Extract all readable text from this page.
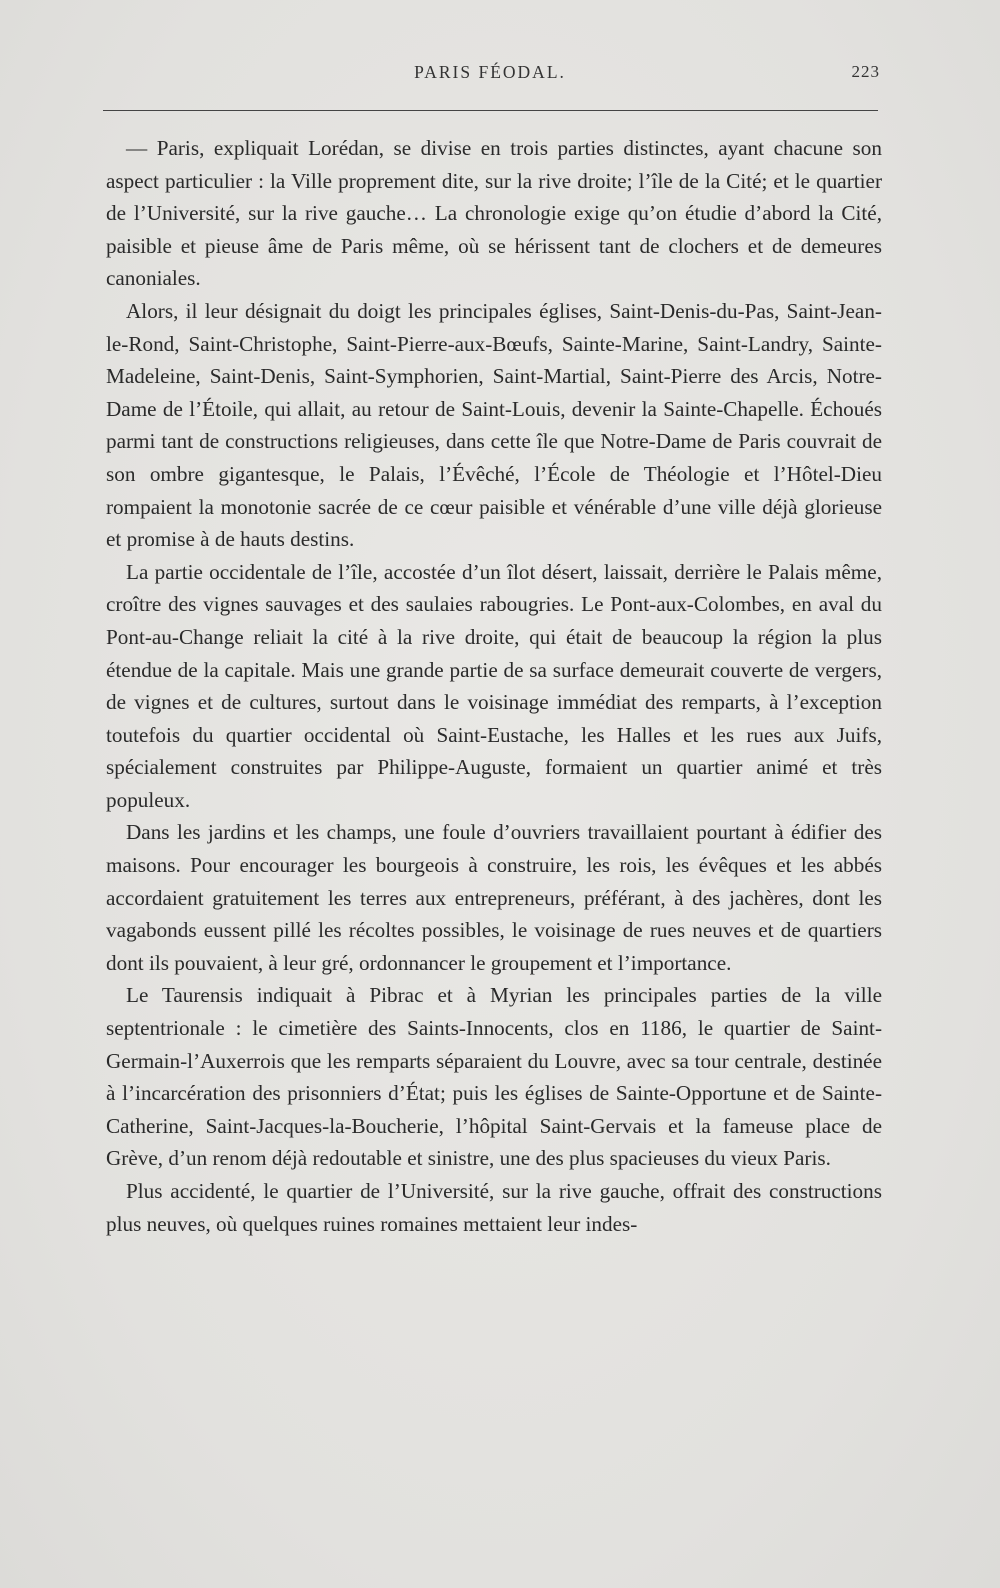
PARIS FÉODAL.	223

— Paris, expliquait Lorédan, se divise en trois parties distinctes, ayant chacune son aspect particulier : la Ville proprement dite, sur la rive droite; l’île de la Cité; et le quartier de l’Université, sur la rive gauche… La chronologie exige qu’on étudie d’abord la Cité, paisible et pieuse âme de Paris même, où se hérissent tant de clochers et de demeures canoniales.

Alors, il leur désignait du doigt les principales églises, Saint-Denis-du-Pas, Saint-Jean-le-Rond, Saint-Christophe, Saint-Pierre-aux-Bœufs, Sainte-Marine, Saint-Landry, Sainte-Madeleine, Saint-Denis, Saint-Symphorien, Saint-Martial, Saint-Pierre des Arcis, Notre-Dame de l’Étoile, qui allait, au retour de Saint-Louis, devenir la Sainte-Chapelle. Échoués parmi tant de constructions religieuses, dans cette île que Notre-Dame de Paris couvrait de son ombre gigantesque, le Palais, l’Évêché, l’École de Théologie et l’Hôtel-Dieu rompaient la monotonie sacrée de ce cœur paisible et vénérable d’une ville déjà glorieuse et promise à de hauts destins.

La partie occidentale de l’île, accostée d’un îlot désert, laissait, derrière le Palais même, croître des vignes sauvages et des saulaies rabougries. Le Pont-aux-Colombes, en aval du Pont-au-Change reliait la cité à la rive droite, qui était de beaucoup la région la plus étendue de la capitale. Mais une grande partie de sa surface demeurait couverte de vergers, de vignes et de cultures, surtout dans le voisinage immédiat des remparts, à l’exception toutefois du quartier occidental où Saint-Eustache, les Halles et les rues aux Juifs, spécialement construites par Philippe-Auguste, formaient un quartier animé et très populeux.

Dans les jardins et les champs, une foule d’ouvriers travaillaient pourtant à édifier des maisons. Pour encourager les bourgeois à construire, les rois, les évêques et les abbés accordaient gratuitement les terres aux entrepreneurs, préférant, à des jachères, dont les vagabonds eussent pillé les récoltes possibles, le voisinage de rues neuves et de quartiers dont ils pouvaient, à leur gré, ordonnancer le groupement et l’importance.

Le Taurensis indiquait à Pibrac et à Myrian les principales parties de la ville septentrionale : le cimetière des Saints-Innocents, clos en 1186, le quartier de Saint-Germain-l’Auxerrois que les remparts séparaient du Louvre, avec sa tour centrale, destinée à l’incarcération des prisonniers d’État; puis les églises de Sainte-Opportune et de Sainte-Catherine, Saint-Jacques-la-Boucherie, l’hôpital Saint-Gervais et la fameuse place de Grève, d’un renom déjà redoutable et sinistre, une des plus spacieuses du vieux Paris.

Plus accidenté, le quartier de l’Université, sur la rive gauche, offrait des constructions plus neuves, où quelques ruines romaines mettaient leur indes-
